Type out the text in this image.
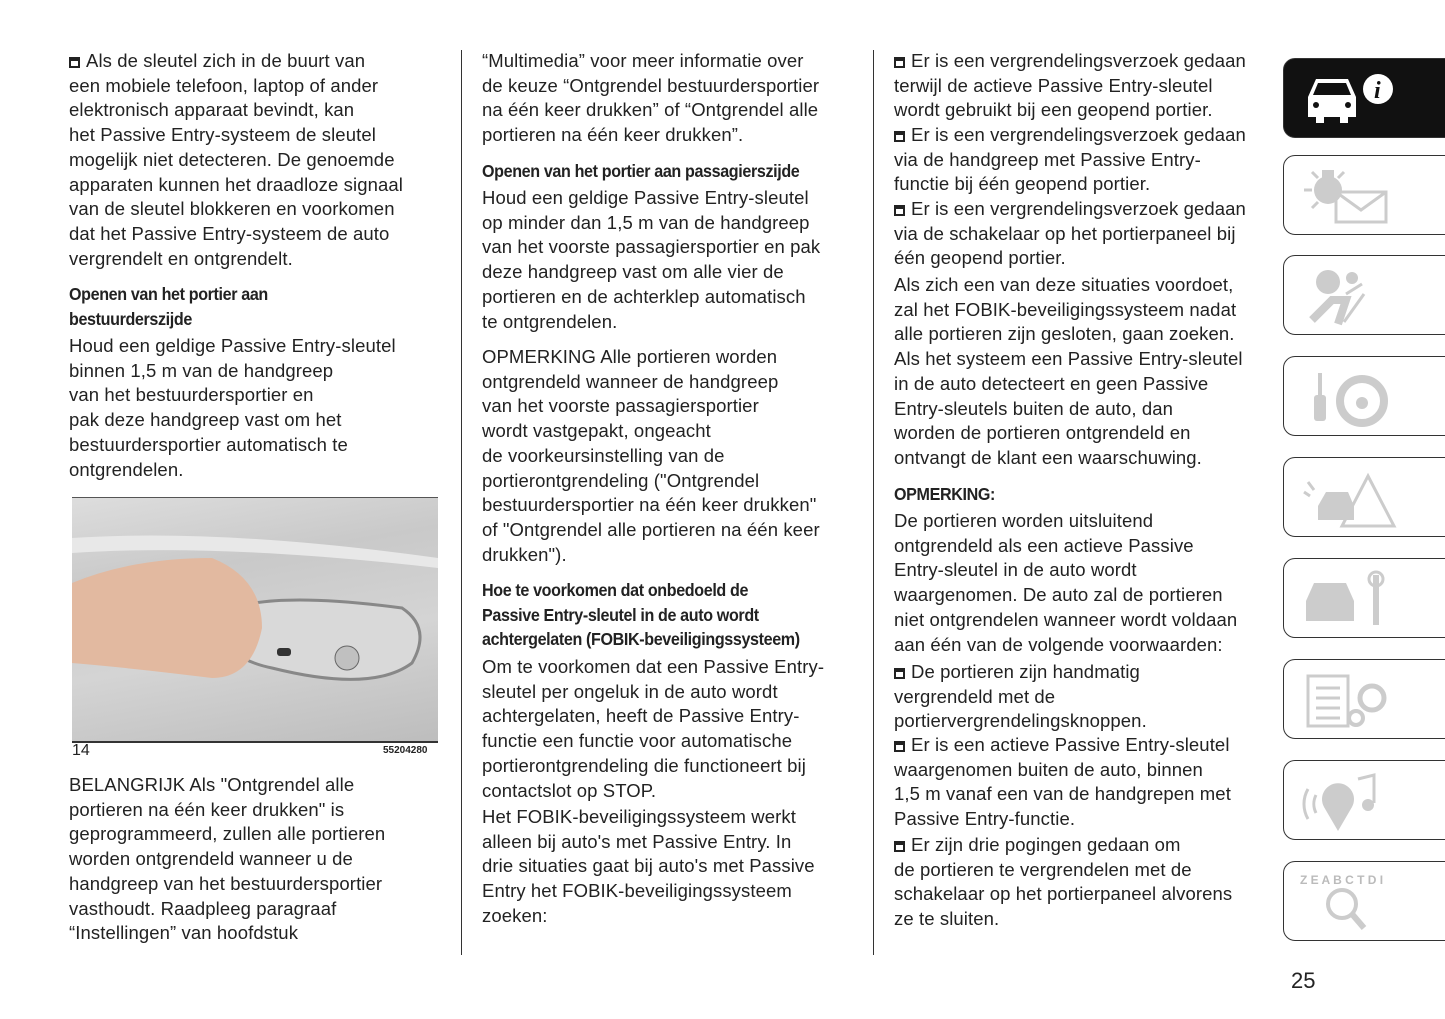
Als de sleutel zich in de buurt van
een mobiele telefoon, laptop of ander
elektronisch apparaat bevindt, kan
het Passive Entry-systeem de sleutel
mogelijk niet detecteren. De genoemde
apparaten kunnen het draadloze signaal
van de sleutel blokkeren en voorkomen
dat het Passive Entry-systeem de auto
vergrendelt en ontgrendelt.
Openen van het portier aan
bestuurderszijde
Houd een geldige Passive Entry-sleutel
binnen 1,5 m van de handgreep
van het bestuurdersportier en
pak deze handgreep vast om het
bestuurdersportier automatisch te
ontgrendelen.
14	55204280
BELANGRIJK Als "Ontgrendel alle
portieren na één keer drukken" is
geprogrammeerd, zullen alle portieren
worden ontgrendeld wanneer u de
handgreep van het bestuurdersportier
vasthoudt. Raadpleeg paragraaf
“Instellingen” van hoofdstuk
“Multimedia” voor meer informatie over
de keuze “Ontgrendel bestuurdersportier
na één keer drukken” of “Ontgrendel alle
portieren na één keer drukken”.
Openen van het portier aan passagierszijde
Houd een geldige Passive Entry-sleutel
op minder dan 1,5 m van de handgreep
van het voorste passagiersportier en pak
deze handgreep vast om alle vier de
portieren en de achterklep automatisch
te ontgrendelen.
OPMERKING Alle portieren worden
ontgrendeld wanneer de handgreep
van het voorste passagiersportier
wordt vastgepakt, ongeacht
de voorkeursinstelling van de
portierontgrendeling ("Ontgrendel
bestuurdersportier na één keer drukken"
of "Ontgrendel alle portieren na één keer
drukken").
Hoe te voorkomen dat onbedoeld de
Passive Entry-sleutel in de auto wordt
achtergelaten (FOBIK-beveiligingssysteem)
Om te voorkomen dat een Passive Entry-
sleutel per ongeluk in de auto wordt
achtergelaten, heeft de Passive Entry-
functie een functie voor automatische
portierontgrendeling die functioneert bij
contactslot op STOP.
Het FOBIK-beveiligingssysteem werkt
alleen bij auto's met Passive Entry. In
drie situaties gaat bij auto's met Passive
Entry het FOBIK-beveiligingssysteem
zoeken:
Er is een vergrendelingsverzoek gedaan
terwijl de actieve Passive Entry-sleutel
wordt gebruikt bij een geopend portier.
Er is een vergrendelingsverzoek gedaan
via de handgreep met Passive Entry-
functie bij één geopend portier.
Er is een vergrendelingsverzoek gedaan
via de schakelaar op het portierpaneel bij
één geopend portier.
Als zich een van deze situaties voordoet,
zal het FOBIK-beveiligingssysteem nadat
alle portieren zijn gesloten, gaan zoeken.
Als het systeem een Passive Entry-sleutel
in de auto detecteert en geen Passive
Entry-sleutels buiten de auto, dan
worden de portieren ontgrendeld en
ontvangt de klant een waarschuwing.
OPMERKING:
De portieren worden uitsluitend
ontgrendeld als een actieve Passive
Entry-sleutel in de auto wordt
waargenomen. De auto zal de portieren
niet ontgrendelen wanneer wordt voldaan
aan één van de volgende voorwaarden:
De portieren zijn handmatig
vergrendeld met de
portiervergrendelingsknoppen.
Er is een actieve Passive Entry-sleutel
waargenomen buiten de auto, binnen
1,5 m vanaf een van de handgrepen met
Passive Entry-functie.
Er zijn drie pogingen gedaan om
de portieren te vergrendelen met de
schakelaar op het portierpaneel alvorens
ze te sluiten.
i
Z E A B C T D I
25
